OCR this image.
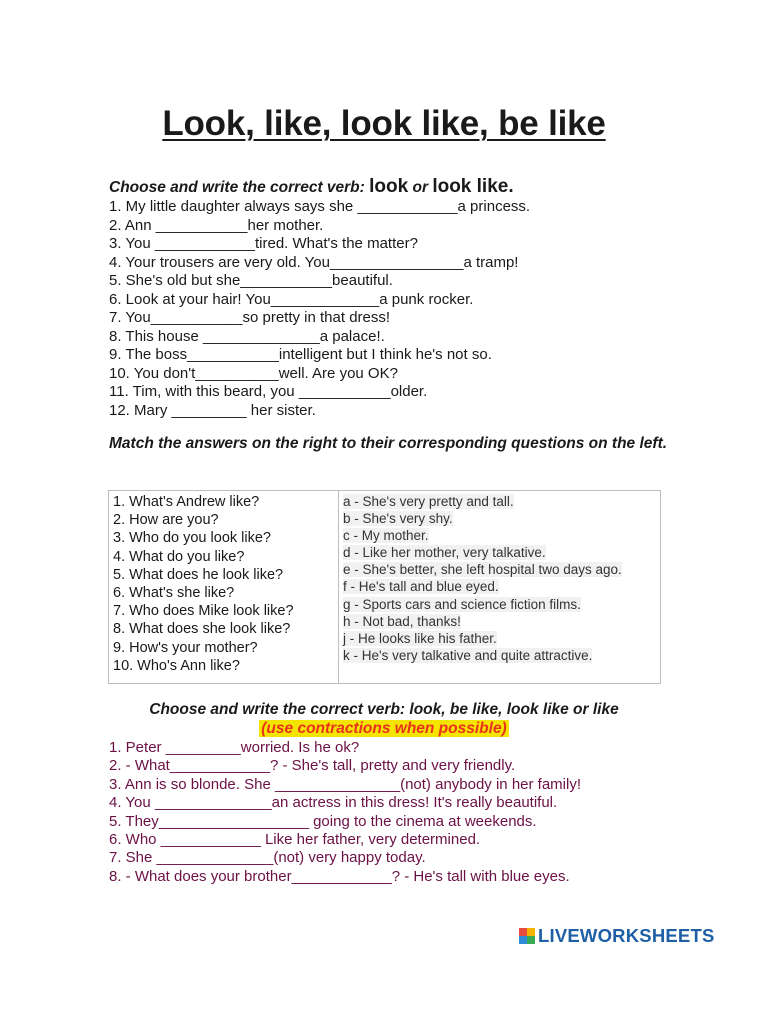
Look, like, look like, be like
Choose and write the correct verb: look or look like.
1. My little daughter always says she ____________a princess.
2. Ann ___________her mother.
3. You ____________tired. What's the matter?
4. Your trousers are very old. You________________a tramp!
5. She's old but she___________beautiful.
6. Look at your hair! You_____________a punk rocker.
7. You___________so pretty in that dress!
8. This house ______________a palace!.
9. The boss___________intelligent but I think he's not so.
10. You don't__________well. Are you OK?
11. Tim, with this beard, you ___________older.
12. Mary _________ her sister.
Match the answers on the right to their corresponding questions on the left.
1. What's Andrew like?
2. How are you?
3. Who do you look like?
4. What do you like?
5. What does he look like?
6. What's she like?
7. Who does Mike look like?
8. What does she look like?
9. How's your mother?
10. Who's Ann like?
a - She's very pretty and tall.
b - She's very shy.
c - My mother.
d - Like her mother, very talkative.
e - She's better, she left hospital two days ago.
f - He's tall and blue eyed.
g - Sports cars and science fiction films.
h - Not bad, thanks!
j - He looks like his father.
k - He's very talkative and quite attractive.
Choose and write the correct verb: look, be like, look like or like
(use contractions when possible)
1. Peter _________worried. Is he ok?
2. - What____________? - She's tall, pretty and very friendly.
3. Ann is so blonde. She _______________(not) anybody in her family!
4. You ______________an actress in this dress! It's really beautiful.
5. They__________________ going to the cinema at weekends.
6. Who ____________ Like her father, very determined.
7. She ______________(not) very happy today.
8. - What does your brother____________? - He's tall with blue eyes.
LIVEWORKSHEETS
